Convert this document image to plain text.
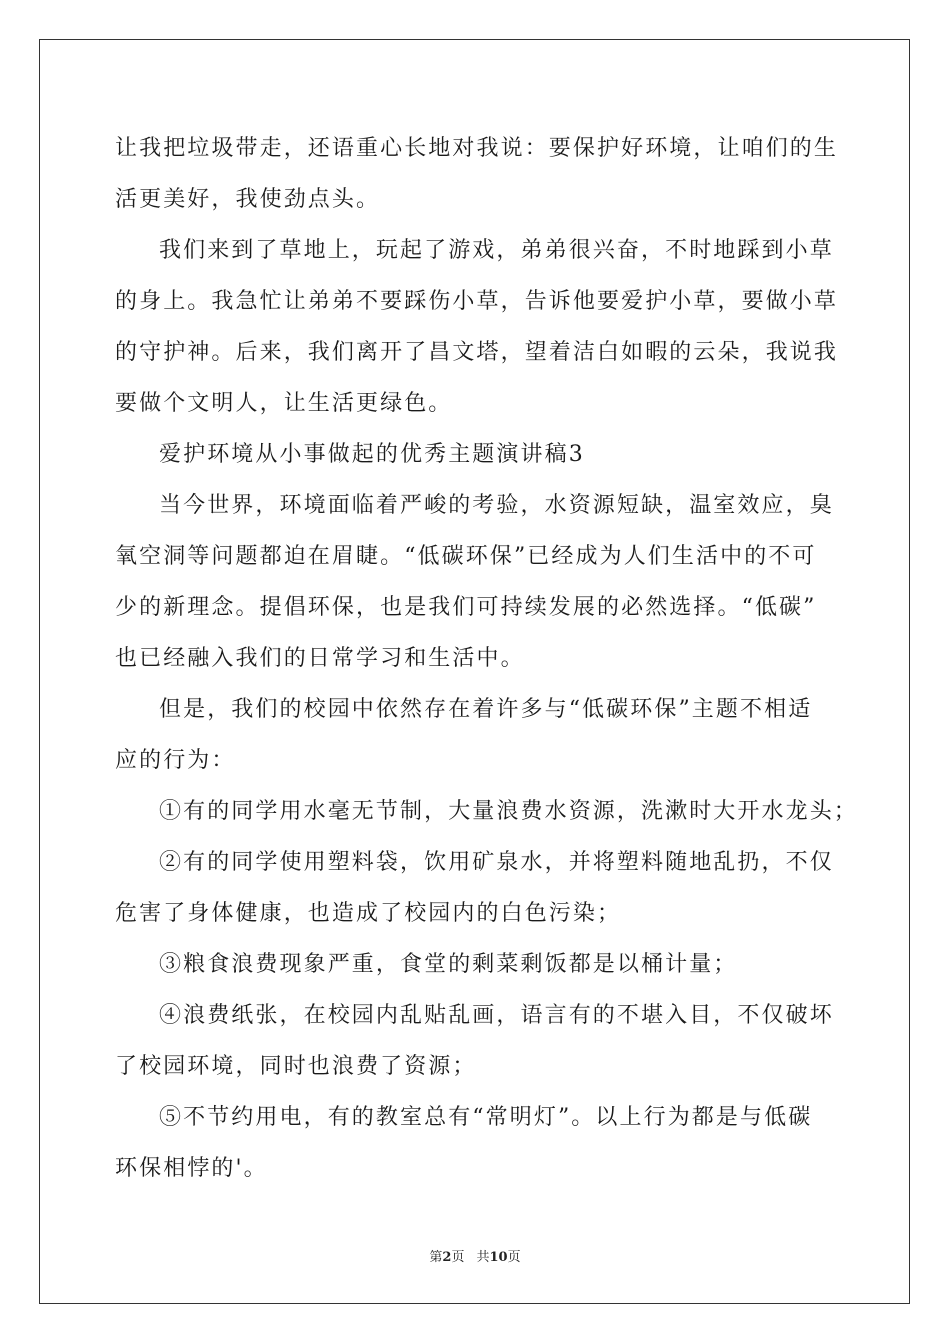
让我把垃圾带走，还语重心长地对我说：要保护好环境，让咱们的生
活更美好，我使劲点头。
我们来到了草地上，玩起了游戏，弟弟很兴奋，不时地踩到小草
的身上。我急忙让弟弟不要踩伤小草，告诉他要爱护小草，要做小草
的守护神。后来，我们离开了昌文塔，望着洁白如暇的云朵，我说我
要做个文明人，让生活更绿色。
爱护环境从小事做起的优秀主题演讲稿3
当今世界，环境面临着严峻的考验，水资源短缺，温室效应，臭
氧空洞等问题都迫在眉睫。“低碳环保”已经成为人们生活中的不可
少的新理念。提倡环保，也是我们可持续发展的必然选择。“低碳”
也已经融入我们的日常学习和生活中。
但是，我们的校园中依然存在着许多与“低碳环保”主题不相适
应的行为：
①有的同学用水毫无节制，大量浪费水资源，洗漱时大开水龙头；
②有的同学使用塑料袋，饮用矿泉水，并将塑料随地乱扔，不仅
危害了身体健康，也造成了校园内的白色污染；
③粮食浪费现象严重，食堂的剩菜剩饭都是以桶计量；
④浪费纸张，在校园内乱贴乱画，语言有的不堪入目，不仅破坏
了校园环境，同时也浪费了资源；
⑤不节约用电，有的教室总有“常明灯”。以上行为都是与低碳
环保相悖的'。
第2页 共10页
